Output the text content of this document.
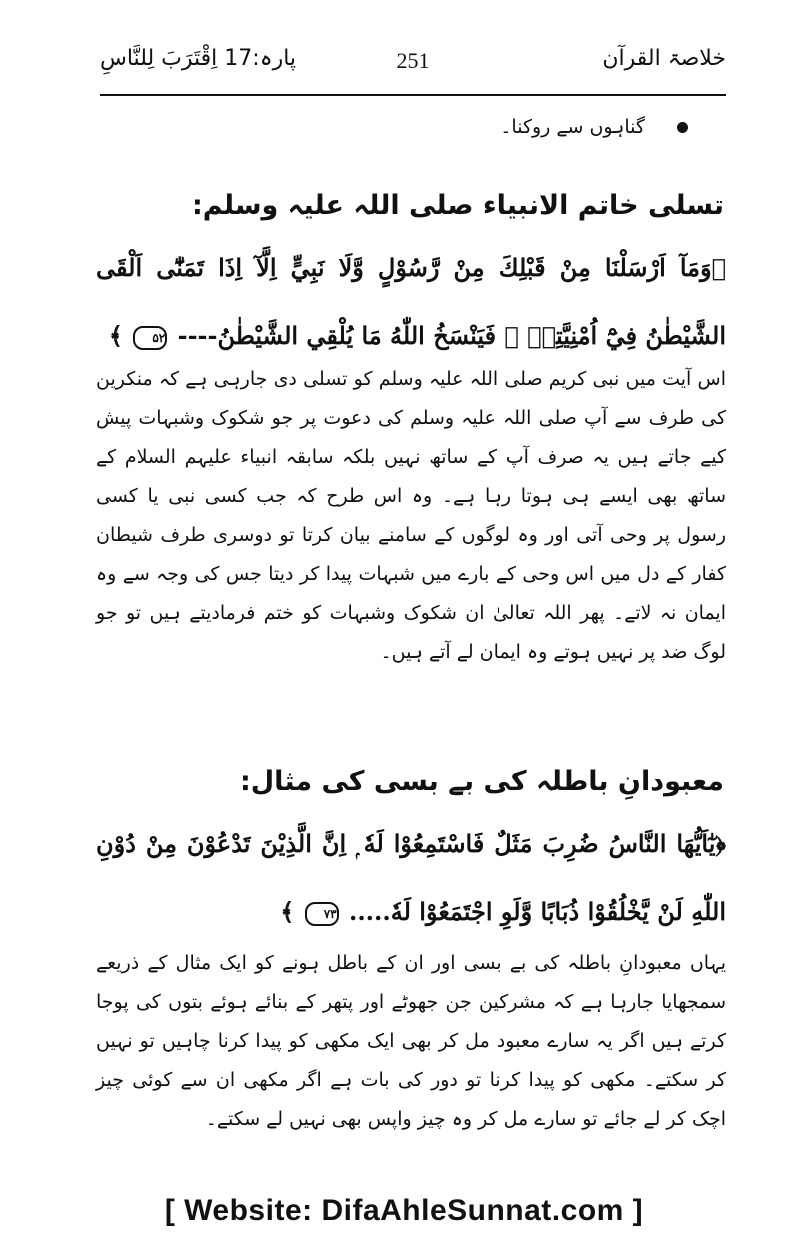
خلاصۃ القرآن
251
پارہ:17 اِقْتَرَبَ لِلنَّاسِ
گناہوں سے روکنا۔
تسلی خاتم الانبیاء صلی اللہ علیہ وسلم:
﴿وَمَآ اَرْسَلْنَا مِنْ قَبْلِكَ مِنْ رَّسُوْلٍ وَّلَا نَبِيٍّ اِلَّآ اِذَا تَمَنّٰٓى اَلْقَى الشَّيْطٰنُ فِيْٓ اُمْنِيَّتِهٖ ۚ فَيَنْسَخُ اللّٰهُ مَا يُلْقِي الشَّيْطٰنُ---- ۵۲ ﴾

اس آیت میں نبی کریم صلی اللہ علیہ وسلم کو تسلی دی جارہی ہے کہ منکرین کی طرف سے آپ صلی اللہ علیہ وسلم کی دعوت پر جو شکوک وشبہات پیش کیے جاتے ہیں یہ صرف آپ کے ساتھ نہیں بلکہ سابقہ انبیاء علیہم السلام کے ساتھ بھی ایسے ہی ہوتا رہا ہے۔ وہ اس طرح کہ جب کسی نبی یا کسی رسول پر وحی آتی اور وہ لوگوں کے سامنے بیان کرتا تو دوسری طرف شیطان کفار کے دل میں اس وحی کے بارے میں شبہات پیدا کر دیتا جس کی وجہ سے وہ ایمان نہ لاتے۔ پھر اللہ تعالیٰ ان شکوک وشبہات کو ختم فرمادیتے ہیں تو جو لوگ ضد پر نہیں ہوتے وہ ایمان لے آتے ہیں۔

معبودانِ باطلہ کی بے بسی کی مثال:
﴿يٰٓاَيُّهَا النَّاسُ ضُرِبَ مَثَلٌ فَاسْتَمِعُوْا لَهٗ ۭ اِنَّ الَّذِيْنَ تَدْعُوْنَ مِنْ دُوْنِ اللّٰهِ لَنْ يَّخْلُقُوْا ذُبَابًا وَّلَوِ اجْتَمَعُوْا لَهٗ..... ۷۳ ﴾

یہاں معبودانِ باطلہ کی بے بسی اور ان کے باطل ہونے کو ایک مثال کے ذریعے سمجھایا جارہا ہے کہ مشرکین جن جھوٹے اور پتھر کے بنائے ہوئے بتوں کی پوجا کرتے ہیں اگر یہ سارے معبود مل کر بھی ایک مکھی کو پیدا کرنا چاہیں تو نہیں کر سکتے۔ مکھی کو پیدا کرنا تو دور کی بات ہے اگر مکھی ان سے کوئی چیز اچک کر لے جائے تو سارے مل کر وہ چیز واپس بھی نہیں لے سکتے۔

[ Website: DifaAhleSunnat.com ]
